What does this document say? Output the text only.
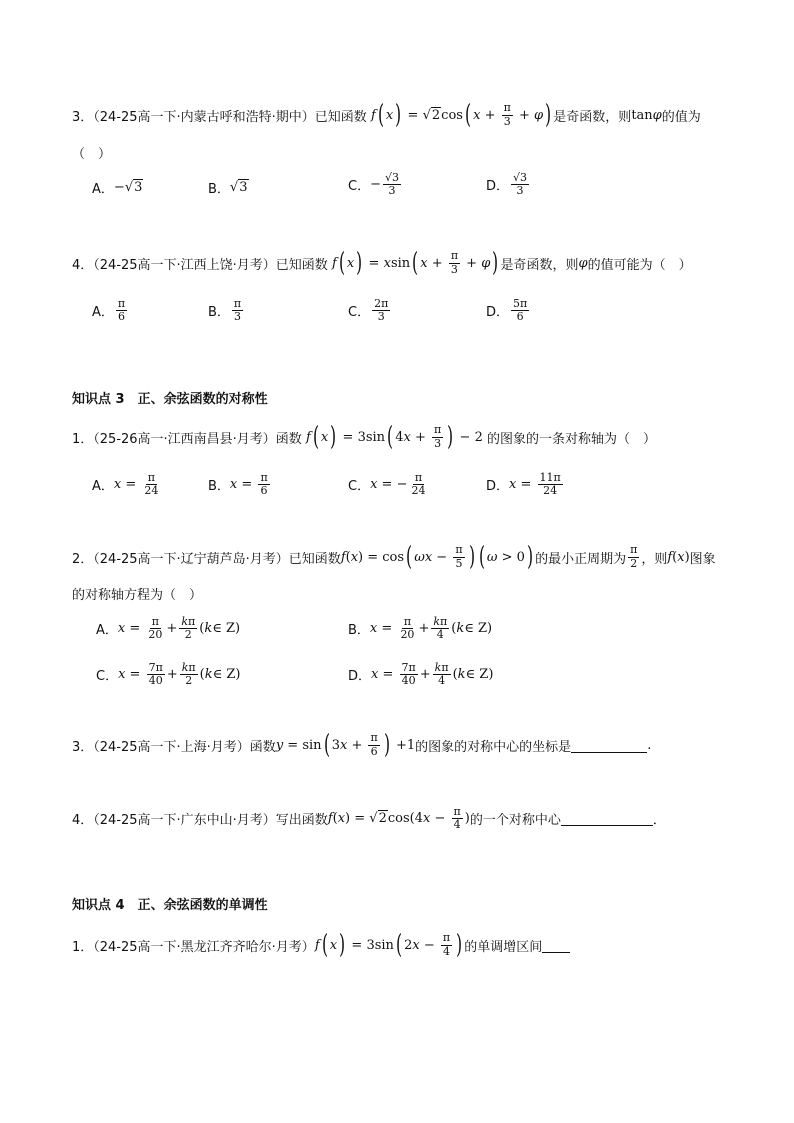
3．（24-25高一下·内蒙古呼和浩特·期中）已知函数 f ( x ) = √2 cos ( $x + \frac{\pi}{3} + \varphi$ ) 是奇函数，则 tan φ 的值为
（　）
A． − √3	B． √3	C． − $\frac{√3}{3}$	D． $\frac{√3}{3}$
4．（24-25高一下·江西上饶·月考）已知函数 f ( x ) = x sin ( $x + \frac{\pi}{3} + \varphi$ ) 是奇函数，则 φ 的值可能为（　）
A． $\frac{\pi}{6}$	B． $\frac{\pi}{3}$	C． $\frac{2\pi}{3}$	D． $\frac{5\pi}{6}$
知识点 3　正、余弦函数的对称性
1．（25-26高一·江西南昌县·月考）函数 f ( x ) = 3sin ( 4 $x + \frac{\pi}{3}$ ) − 2 的图象的一条对称轴为（　）
A． $x = \frac{\pi}{24}$	B． $x = \frac{\pi}{6}$	C． x = − $\frac{\pi}{24}$	D． $x = \frac{11\pi}{24}$
2．（24-25高一下·辽宁葫芦岛·月考）已知函数 f ( x ) = cos ( $\omega x - \frac{\pi}{5}$ ) ( ω > 0 ) 的最小正周期为 $\frac{\pi}{2}$ ，则 f ( x ) 图象
的对称轴方程为（　）
A． $x = \frac{\pi}{20} + \frac{k\pi}{2}$ (k∈ Z)	B． $x = \frac{\pi}{20} + \frac{k\pi}{4}$ (k∈ Z)
C． $x = \frac{7\pi}{40} + \frac{k\pi}{2}$ (k∈ Z)	D． $x = \frac{7\pi}{40} + \frac{k\pi}{4}$ (k∈ Z)
3．（24-25高一下·上海·月考）函数 y = sin ( 3 $x + \frac{\pi}{6}$ ) +1 的图象的对称中心的坐标是	.
4．（24-25高一下·广东中山·月考）写出函数 f ( x ) = √2 cos(4 $x - \frac{\pi}{4}$ ) 的一个对称中心	．
知识点 4　正、余弦函数的单调性
1．（24-25高一下·黑龙江齐齐哈尔·月考） f ( x ) = 3sin ( 2 $x - \frac{\pi}{4}$ ) 的单调增区间
